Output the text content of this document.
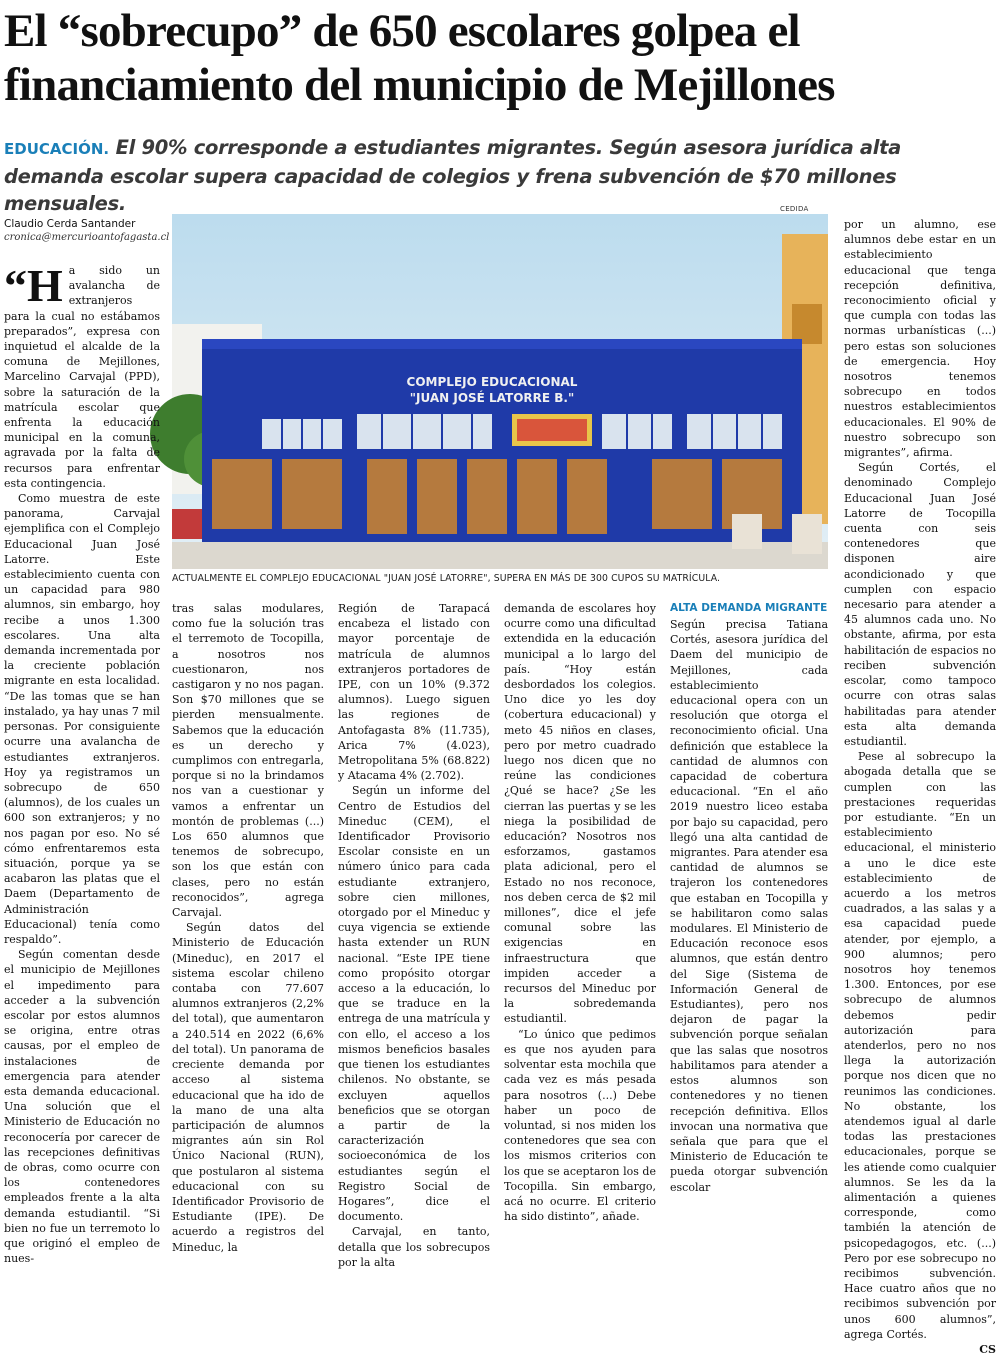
El “sobrecupo” de 650 escolares golpea el financiamiento del municipio de Mejillones
EDUCACIÓN. El 90% corresponde a estudiantes migrantes. Según asesora jurídica alta demanda escolar supera capacidad de colegios y frena subvención de $70 millones mensuales.	CEDIDA
COMPLEJO EDUCACIONAL
"JUAN JOSÉ LATORRE B."
ACTUALMENTE EL COMPLEJO EDUCACIONAL "JUAN JOSÉ LATORRE", SUPERA EN MÁS DE 300 CUPOS SU MATRÍCULA.
Claudio Cerda Santander
cronica@mercurioantofagasta.cl

“Ha sido un avalancha de extranjeros para la cual no estábamos preparados”, expresa con inquietud el alcalde de la comuna de Mejillones, Marcelino Carvajal (PPD), sobre la saturación de la matrícula escolar que enfrenta la educación municipal en la comuna, agravada por la falta de recursos para enfrentar esta contingencia.

Como muestra de este panorama, Carvajal ejemplifica con el Complejo Educacional Juan José Latorre. Este establecimiento cuenta con un capacidad para 980 alumnos, sin embargo, hoy recibe a unos 1.300 escolares. Una alta demanda incrementada por la creciente población migrante en esta localidad. “De las tomas que se han instalado, ya hay unas 7 mil personas. Por consiguiente ocurre una avalancha de estudiantes extranjeros. Hoy ya registramos un sobrecupo de 650 (alumnos), de los cuales un 600 son extranjeros; y no nos pagan por eso. No sé cómo enfrentaremos esta situación, porque ya se acabaron las platas que el Daem (Departamento de Administración Educacional) tenía como respaldo”.

Según comentan desde el municipio de Mejillones el impedimento para acceder a la subvención escolar por estos alumnos se origina, entre otras causas, por el empleo de instalaciones de emergencia para atender esta demanda educacional. Una solución que el Ministerio de Educación no reconocería por carecer de las recepciones definitivas de obras, como ocurre con los contenedores empleados frente a la alta demanda estudiantil. “Si bien no fue un terremoto lo que originó el empleo de nues-

tras salas modulares, como fue la solución tras el terremoto de Tocopilla, a nosotros nos cuestionaron, nos castigaron y no nos pagan. Son $70 millones que se pierden mensualmente. Sabemos que la educación es un derecho y cumplimos con entregarla, porque si no la brindamos nos van a cuestionar y vamos a enfrentar un montón de problemas (...) Los 650 alumnos que tenemos de sobrecupo, son los que están con clases, pero no están reconocidos”, agrega Carvajal.

Según datos del Ministerio de Educación (Mineduc), en 2017 el sistema escolar chileno contaba con 77.607 alumnos extranjeros (2,2% del total), que aumentaron a 240.514 en 2022 (6,6% del total). Un panorama de creciente demanda por acceso al sistema educacional que ha ido de la mano de una alta participación de alumnos migrantes aún sin Rol Único Nacional (RUN), que postularon al sistema educacional con su Identificador Provisorio de Estudiante (IPE). De acuerdo a registros del Mineduc, la

Región de Tarapacá encabeza el listado con mayor porcentaje de matrícula de alumnos extranjeros portadores de IPE, con un 10% (9.372 alumnos). Luego siguen las regiones de Antofagasta 8% (11.735), Arica 7% (4.023), Metropolitana 5% (68.822) y Atacama 4% (2.702).

Según un informe del Centro de Estudios del Mineduc (CEM), el Identificador Provisorio Escolar consiste en un número único para cada estudiante extranjero, sobre cien millones, otorgado por el Mineduc y cuya vigencia se extiende hasta extender un RUN nacional. “Este IPE tiene como propósito otorgar acceso a la educación, lo que se traduce en la entrega de una matrícula y con ello, el acceso a los mismos beneficios basales que tienen los estudiantes chilenos. No obstante, se excluyen aquellos beneficios que se otorgan a partir de la caracterización socioeconómica de los estudiantes según el Registro Social de Hogares”, dice el documento.

Carvajal, en tanto, detalla que los sobrecupos por la alta

demanda de escolares hoy ocurre como una dificultad extendida en la educación municipal a lo largo del país. “Hoy están desbordados los colegios. Uno dice yo les doy (cobertura educacional) y meto 45 niños en clases, pero por metro cuadrado luego nos dicen que no reúne las condiciones ¿Qué se hace? ¿Se les cierran las puertas y se les niega la posibilidad de educación? Nosotros nos esforzamos, gastamos plata adicional, pero el Estado no nos reconoce, nos deben cerca de $2 mil millones”, dice el jefe comunal sobre las exigencias en infraestructura que impiden acceder a recursos del Mineduc por la sobredemanda estudiantil.

“Lo único que pedimos es que nos ayuden para solventar esta mochila que cada vez es más pesada para nosotros (...) Debe haber un poco de voluntad, si nos miden los contenedores que sea con los mismos criterios con los que se aceptaron los de Tocopilla. Sin embargo, acá no ocurre. El criterio ha sido distinto”, añade.

ALTA DEMANDA MIGRANTE

Según precisa Tatiana Cortés, asesora jurídica del Daem del municipio de Mejillones, cada establecimiento educacional opera con un resolución que otorga el reconocimiento oficial. Una definición que establece la cantidad de alumnos con capacidad de cobertura educacional. “En el año 2019 nuestro liceo estaba por bajo su capacidad, pero llegó una alta cantidad de migrantes. Para atender esa cantidad de alumnos se trajeron los contenedores que estaban en Tocopilla y se habilitaron como salas modulares. El Ministerio de Educación reconoce esos alumnos, que están dentro del Sige (Sistema de Información General de Estudiantes), pero nos dejaron de pagar la subvención porque señalan que las salas que nosotros habilitamos para atender a estos alumnos son contenedores y no tienen recepción definitiva. Ellos invocan una normativa que señala que para que el Ministerio de Educación te pueda otorgar subvención escolar

por un alumno, ese alumnos debe estar en un establecimiento educacional que tenga recepción definitiva, reconocimiento oficial y que cumpla con todas las normas urbanísticas (...) pero estas son soluciones de emergencia. Hoy nosotros tenemos sobrecupo en todos nuestros establecimientos educacionales. El 90% de nuestro sobrecupo son migrantes”, afirma.

Según Cortés, el denominado Complejo Educacional Juan José Latorre de Tocopilla cuenta con seis contenedores que disponen aire acondicionado y que cumplen con espacio necesario para atender a 45 alumnos cada uno. No obstante, afirma, por esta habilitación de espacios no reciben subvención escolar, como tampoco ocurre con otras salas habilitadas para atender esta alta demanda estudiantil.

Pese al sobrecupo la abogada detalla que se cumplen con las prestaciones requeridas por estudiante. “En un establecimiento educacional, el ministerio a uno le dice este establecimiento de acuerdo a los metros cuadrados, a las salas y a esa capacidad puede atender, por ejemplo, a 900 alumnos; pero nosotros hoy tenemos 1.300. Entonces, por ese sobrecupo de alumnos debemos pedir autorización para atenderlos, pero no nos llega la autorización porque nos dicen que no reunimos las condiciones. No obstante, los atendemos igual al darle todas las prestaciones educacionales, porque se les atiende como cualquier alumnos. Se les da la alimentación a quienes corresponde, como también la atención de psicopedagogos, etc. (...) Pero por ese sobrecupo no recibimos subvención. Hace cuatro años que no recibimos subvención por unos 600 alumnos”, agrega Cortés.

CS
